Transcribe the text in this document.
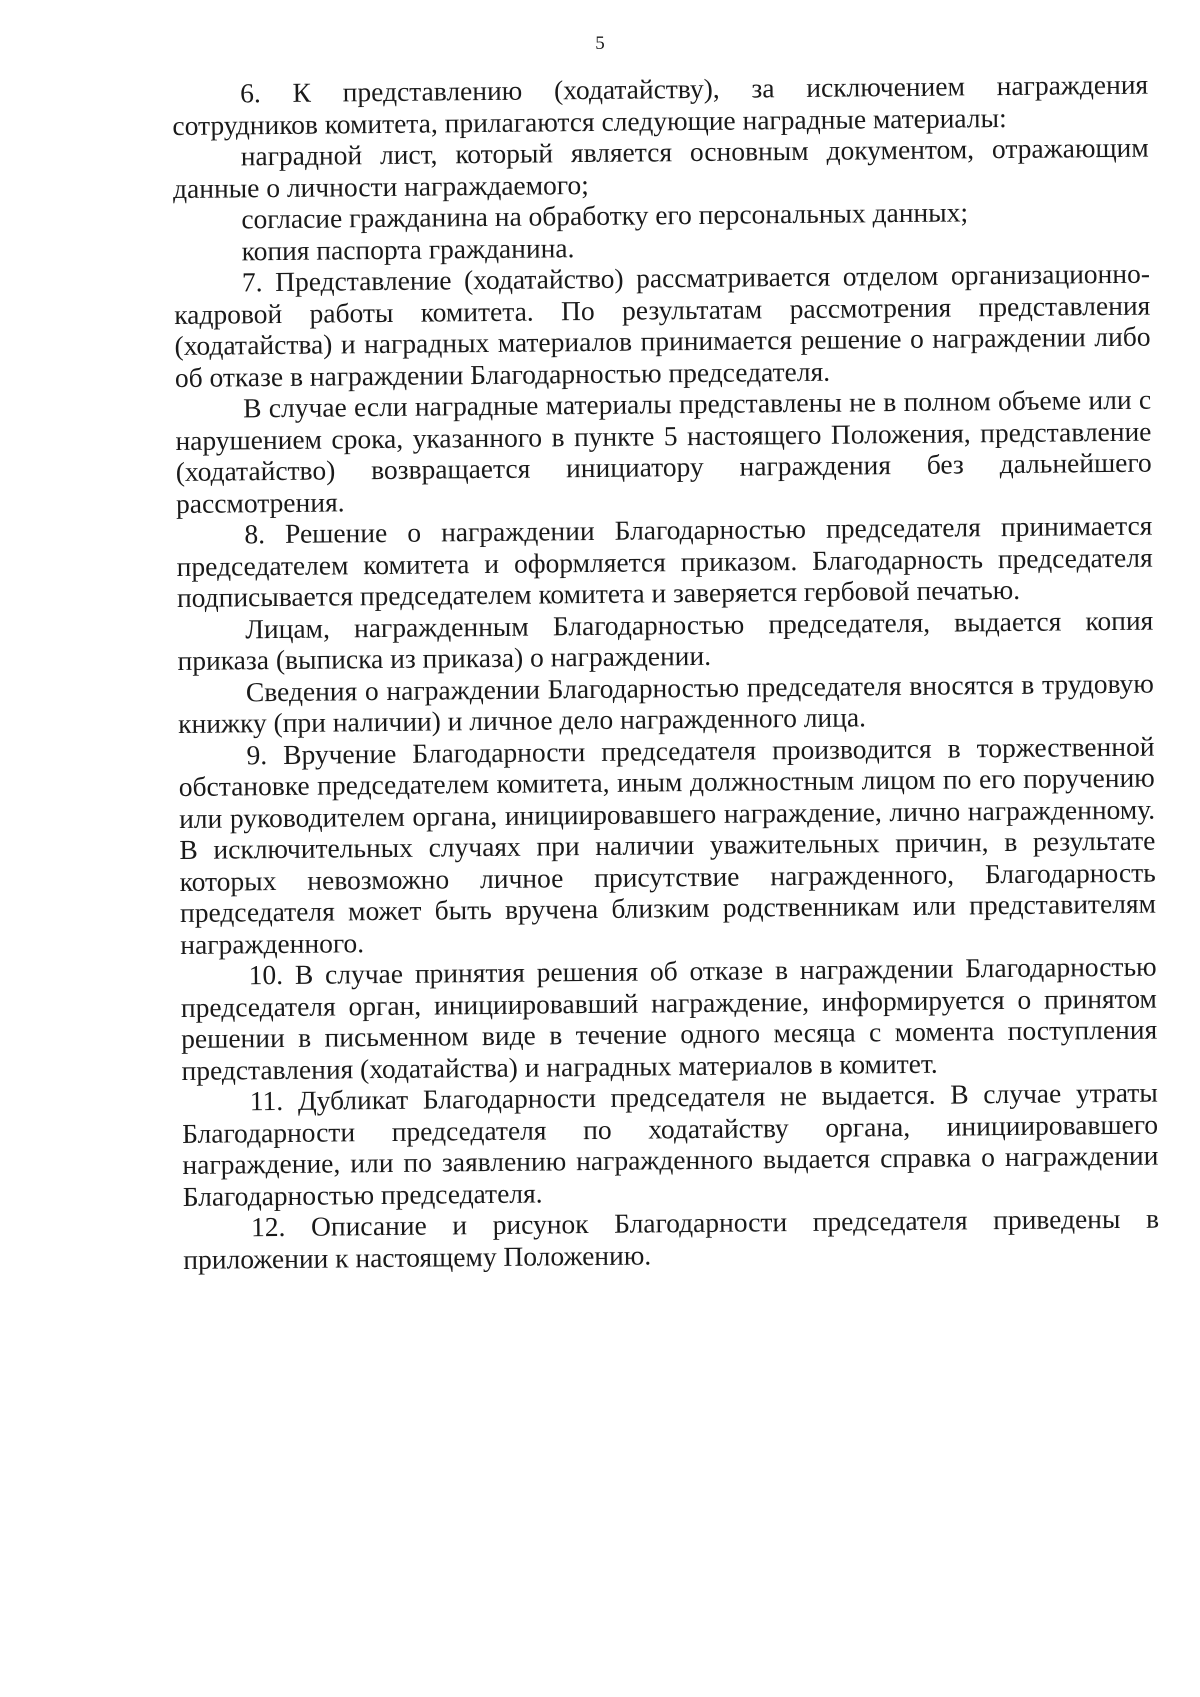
5

6. К представлению (ходатайству), за исключением награждения сотрудников комитета, прилагаются следующие наградные материалы:

наградной лист, который является основным документом, отражающим данные о личности награждаемого;

согласие гражданина на обработку его персональных данных;

копия паспорта гражданина.

7. Представление (ходатайство) рассматривается отделом организационно-кадровой работы комитета. По результатам рассмотрения представления (ходатайства) и наградных материалов принимается решение о награждении либо об отказе в награждении Благодарностью председателя.

В случае если наградные материалы представлены не в полном объеме или с нарушением срока, указанного в пункте 5 настоящего Положения, представление (ходатайство) возвращается инициатору награждения без дальнейшего рассмотрения.

8. Решение о награждении Благодарностью председателя принимается председателем комитета и оформляется приказом. Благодарность председателя подписывается председателем комитета и заверяется гербовой печатью.

Лицам, награжденным Благодарностью председателя, выдается копия приказа (выписка из приказа) о награждении.

Сведения о награждении Благодарностью председателя вносятся в трудовую книжку (при наличии) и личное дело награжденного лица.

9. Вручение Благодарности председателя производится в торжественной обстановке председателем комитета, иным должностным лицом по его поручению или руководителем органа, инициировавшего награждение, лично награжденному. В исключительных случаях при наличии уважительных причин, в результате которых невозможно личное присутствие награжденного, Благодарность председателя может быть вручена близким родственникам или представителям награжденного.

10. В случае принятия решения об отказе в награждении Благодарностью председателя орган, инициировавший награждение, информируется о принятом решении в письменном виде в течение одного месяца с момента поступления представления (ходатайства) и наградных материалов в комитет.

11. Дубликат Благодарности председателя не выдается. В случае утраты Благодарности председателя по ходатайству органа, инициировавшего награждение, или по заявлению награжденного выдается справка о награждении Благодарностью председателя.

12. Описание и рисунок Благодарности председателя приведены в приложении к настоящему Положению.
